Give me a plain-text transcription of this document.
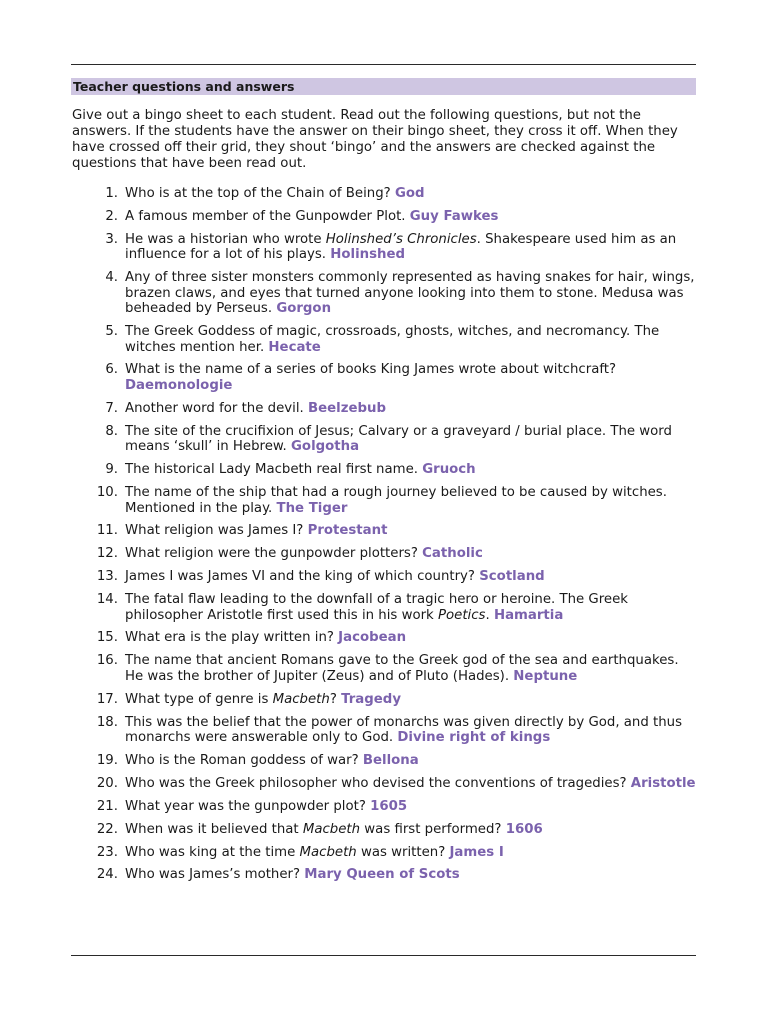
Teacher questions and answers

Give out a bingo sheet to each student. Read out the following questions, but not the answers. If the students have the answer on their bingo sheet, they cross it off. When they have crossed off their grid, they shout ‘bingo’ and the answers are checked against the questions that have been read out.

1. Who is at the top of the Chain of Being? God
2. A famous member of the Gunpowder Plot. Guy Fawkes
3. He was a historian who wrote Holinshed’s Chronicles. Shakespeare used him as an influence for a lot of his plays. Holinshed
4. Any of three sister monsters commonly represented as having snakes for hair, wings, brazen claws, and eyes that turned anyone looking into them to stone. Medusa was beheaded by Perseus. Gorgon
5. The Greek Goddess of magic, crossroads, ghosts, witches, and necromancy. The witches mention her. Hecate
6. What is the name of a series of books King James wrote about witchcraft? Daemonologie
7. Another word for the devil. Beelzebub
8. The site of the crucifixion of Jesus; Calvary or a graveyard / burial place. The word means ‘skull’ in Hebrew. Golgotha
9. The historical Lady Macbeth real first name. Gruoch
10. The name of the ship that had a rough journey believed to be caused by witches. Mentioned in the play. The Tiger
11. What religion was James I? Protestant
12. What religion were the gunpowder plotters? Catholic
13. James I was James VI and the king of which country? Scotland
14. The fatal flaw leading to the downfall of a tragic hero or heroine. The Greek philosopher Aristotle first used this in his work Poetics. Hamartia
15. What era is the play written in? Jacobean
16. The name that ancient Romans gave to the Greek god of the sea and earthquakes. He was the brother of Jupiter (Zeus) and of Pluto (Hades). Neptune
17. What type of genre is Macbeth? Tragedy
18. This was the belief that the power of monarchs was given directly by God, and thus monarchs were answerable only to God. Divine right of kings
19. Who is the Roman goddess of war? Bellona
20. Who was the Greek philosopher who devised the conventions of tragedies? Aristotle
21. What year was the gunpowder plot? 1605
22. When was it believed that Macbeth was first performed? 1606
23. Who was king at the time Macbeth was written? James I
24. Who was James’s mother? Mary Queen of Scots
